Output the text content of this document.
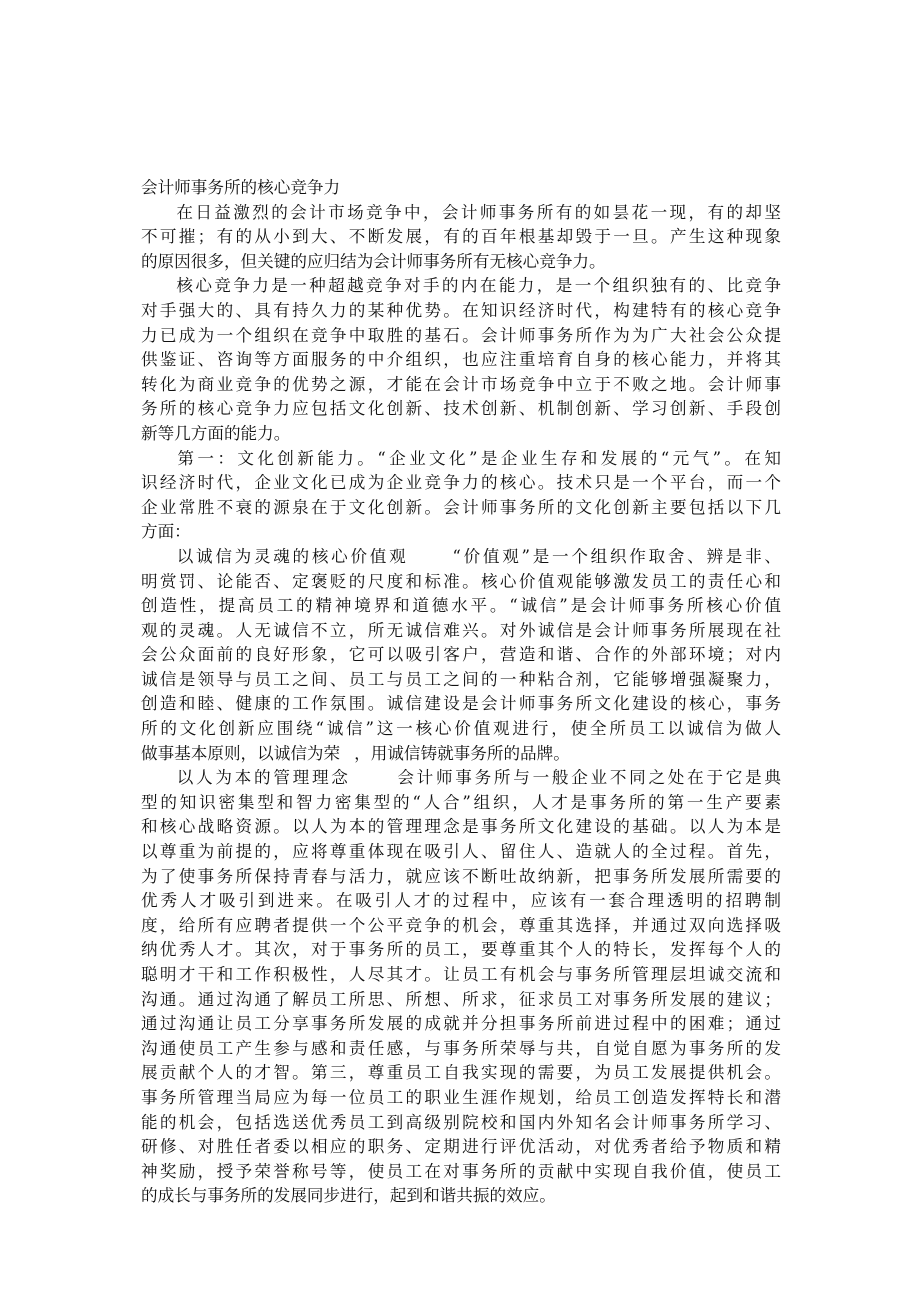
会计师事务所的核心竞争力
在日益激烈的会计市场竞争中，会计师事务所有的如昙花一现，有的却坚
不可摧；有的从小到大、不断发展，有的百年根基却毁于一旦。产生这种现象
的原因很多，但关键的应归结为会计师事务所有无核心竞争力。
核心竞争力是一种超越竞争对手的内在能力，是一个组织独有的、比竞争
对手强大的、具有持久力的某种优势。在知识经济时代，构建特有的核心竞争
力已成为一个组织在竞争中取胜的基石。会计师事务所作为为广大社会公众提
供鉴证、咨询等方面服务的中介组织，也应注重培育自身的核心能力，并将其
转化为商业竞争的优势之源，才能在会计市场竞争中立于不败之地。会计师事
务所的核心竞争力应包括文化创新、技术创新、机制创新、学习创新、手段创
新等几方面的能力。
第一：文化创新能力。“企业文化”是企业生存和发展的“元气”。在知
识经济时代，企业文化已成为企业竞争力的核心。技术只是一个平台，而一个
企业常胜不衰的源泉在于文化创新。会计师事务所的文化创新主要包括以下几
方面：
以诚信为灵魂的核心价值观	“价值观”是一个组织作取舍、辨是非、
明赏罚、论能否、定褒贬的尺度和标准。核心价值观能够激发员工的责任心和
创造性，提高员工的精神境界和道德水平。“诚信”是会计师事务所核心价值
观的灵魂。人无诚信不立，所无诚信难兴。对外诚信是会计师事务所展现在社
会公众面前的良好形象，它可以吸引客户，营造和谐、合作的外部环境；对内
诚信是领导与员工之间、员工与员工之间的一种粘合剂，它能够增强凝聚力，
创造和睦、健康的工作氛围。诚信建设是会计师事务所文化建设的核心，事务
所的文化创新应围绕“诚信”这一核心价值观进行，使全所员工以诚信为做人
做事基本原则，以诚信为荣 ，用诚信铸就事务所的品牌。
以人为本的管理理念	会计师事务所与一般企业不同之处在于它是典
型的知识密集型和智力密集型的“人合”组织，人才是事务所的第一生产要素
和核心战略资源。以人为本的管理理念是事务所文化建设的基础。以人为本是
以尊重为前提的，应将尊重体现在吸引人、留住人、造就人的全过程。首先，
为了使事务所保持青春与活力，就应该不断吐故纳新，把事务所发展所需要的
优秀人才吸引到进来。在吸引人才的过程中，应该有一套合理透明的招聘制
度，给所有应聘者提供一个公平竞争的机会，尊重其选择，并通过双向选择吸
纳优秀人才。其次，对于事务所的员工，要尊重其个人的特长，发挥每个人的
聪明才干和工作积极性，人尽其才。让员工有机会与事务所管理层坦诚交流和
沟通。通过沟通了解员工所思、所想、所求，征求员工对事务所发展的建议；
通过沟通让员工分享事务所发展的成就并分担事务所前进过程中的困难；通过
沟通使员工产生参与感和责任感，与事务所荣辱与共，自觉自愿为事务所的发
展贡献个人的才智。第三，尊重员工自我实现的需要，为员工发展提供机会。
事务所管理当局应为每一位员工的职业生涯作规划，给员工创造发挥特长和潜
能的机会，包括选送优秀员工到高级别院校和国内外知名会计师事务所学习、
研修、对胜任者委以相应的职务、定期进行评优活动，对优秀者给予物质和精
神奖励，授予荣誉称号等，使员工在对事务所的贡献中实现自我价值，使员工
的成长与事务所的发展同步进行，起到和谐共振的效应。
